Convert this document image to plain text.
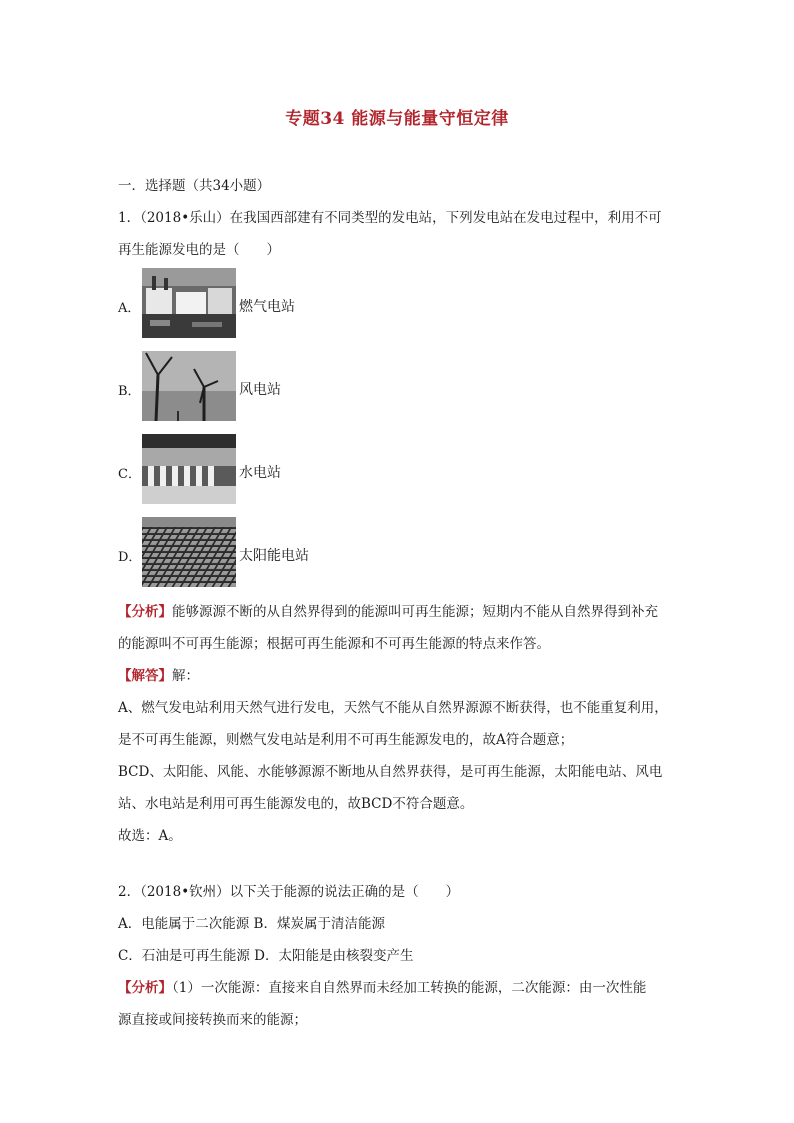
专题34 能源与能量守恒定律
一．选择题（共34小题）
1．（2018•乐山）在我国西部建有不同类型的发电站，下列发电站在发电过程中，利用不可
再生能源发电的是（　　）
A．	燃气电站
B．	风电站
C．	水电站
D．	太阳能电站
【分析】能够源源不断的从自然界得到的能源叫可再生能源；短期内不能从自然界得到补充
的能源叫不可再生能源；根据可再生能源和不可再生能源的特点来作答。
【解答】解：
A、燃气发电站利用天然气进行发电，天然气不能从自然界源源不断获得，也不能重复利用，
是不可再生能源，则燃气发电站是利用不可再生能源发电的，故A符合题意；
BCD、太阳能、风能、水能够源源不断地从自然界获得，是可再生能源，太阳能电站、风电
站、水电站是利用可再生能源发电的，故BCD不符合题意。
故选：A。
2．（2018•钦州）以下关于能源的说法正确的是（　　）
A．电能属于二次能源 B．煤炭属于清洁能源
C．石油是可再生能源 D．太阳能是由核裂变产生
【分析】（1）一次能源：直接来自自然界而未经加工转换的能源，二次能源：由一次性能
源直接或间接转换而来的能源；
